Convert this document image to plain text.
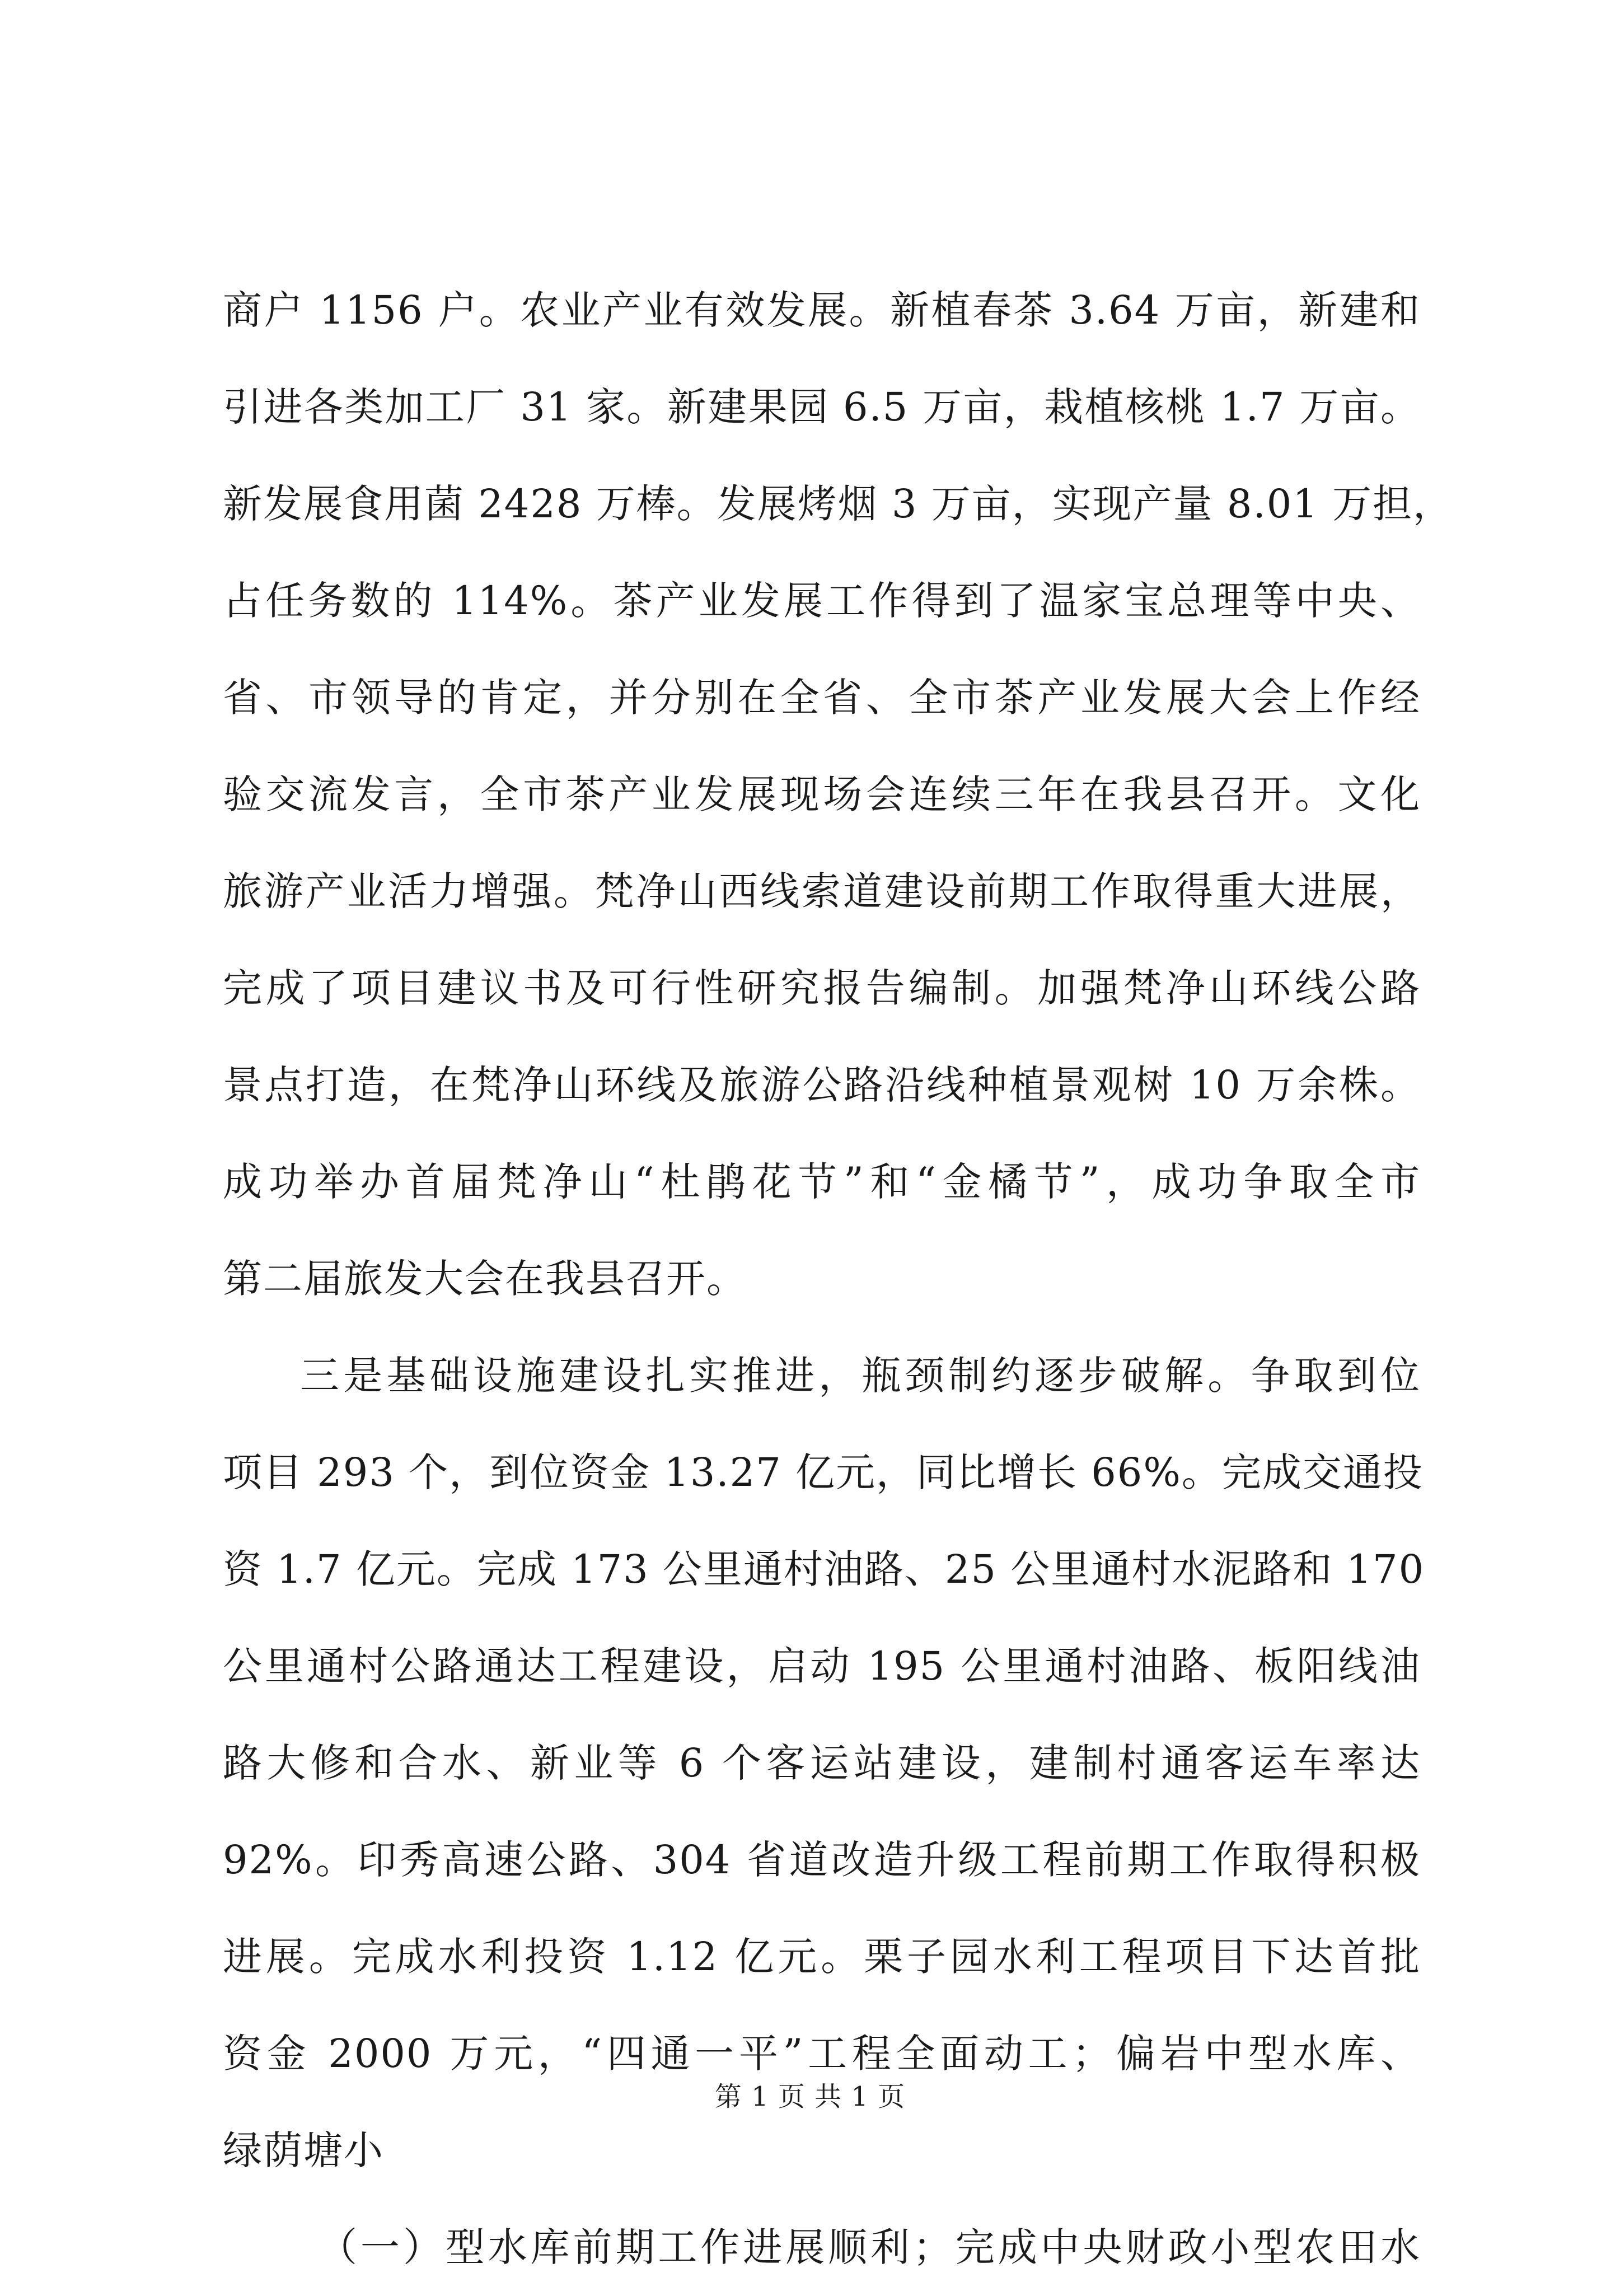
商户 1156 户。农业产业有效发展。新植春茶 3.64 万亩，新建和
引进各类加工厂 31 家。新建果园 6.5 万亩，栽植核桃 1.7 万亩。
新发展食用菌 2428 万棒。发展烤烟 3 万亩，实现产量 8.01 万担，
占任务数的 114%。茶产业发展工作得到了温家宝总理等中央、
省、市领导的肯定，并分别在全省、全市茶产业发展大会上作经
验交流发言，全市茶产业发展现场会连续三年在我县召开。文化
旅游产业活力增强。梵净山西线索道建设前期工作取得重大进展，
完成了项目建议书及可行性研究报告编制。加强梵净山环线公路
景点打造，在梵净山环线及旅游公路沿线种植景观树 10 万余株。
成功举办首届梵净山“杜鹃花节”和“金橘节”，成功争取全市
第二届旅发大会在我县召开。
三是基础设施建设扎实推进，瓶颈制约逐步破解。争取到位
项目 293 个，到位资金 13.27 亿元，同比增长 66%。完成交通投
资 1.7 亿元。完成 173 公里通村油路、25 公里通村水泥路和 170
公里通村公路通达工程建设，启动 195 公里通村油路、板阳线油
路大修和合水、新业等 6 个客运站建设，建制村通客运车率达
92%。印秀高速公路、304 省道改造升级工程前期工作取得积极
进展。完成水利投资 1.12 亿元。栗子园水利工程项目下达首批
资金 2000 万元，“四通一平”工程全面动工；偏岩中型水库、
绿荫塘小
（一）型水库前期工作进展顺利；完成中央财政小型农田水
第 1 页 共 1 页
